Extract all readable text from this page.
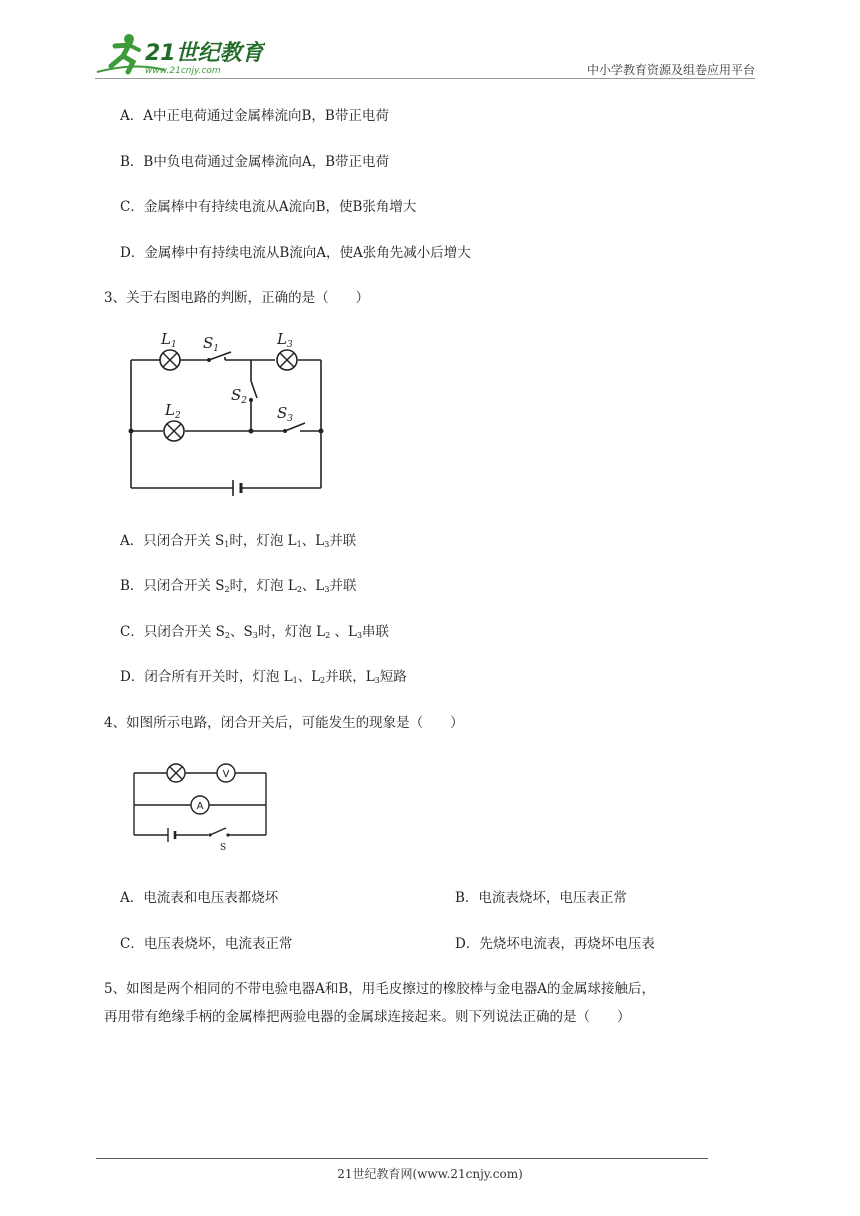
21世纪教育
www.21cnjy.com	中小学教育资源及组卷应用平台
A．A中正电荷通过金属棒流向B，B带正电荷
B．B中负电荷通过金属棒流向A，B带正电荷
C．金属棒中有持续电流从A流向B，使B张角增大
D．金属棒中有持续电流从B流向A，使A张角先减小后增大
3、关于右图电路的判断，正确的是（　　）
$L_1$ $S_1$
$L_3$
$S_2$
$L_2$	$S_3$
A．只闭合开关 $S_1$时，灯泡 $L_1$、$L_3$并联
B．只闭合开关 $S_2$时，灯泡 $L_2$、$L_3$并联
C．只闭合开关 $S_2$、$S_3$时，灯泡 $L_2$ 、$L_3$串联
D．闭合所有开关时，灯泡 $L_1$、$L_2$并联，$L_3$短路
4、如图所示电路，闭合开关后，可能发生的现象是（　　）
V
A
S
A．电流表和电压表都烧坏	B．电流表烧坏，电压表正常
C．电压表烧坏，电流表正常	D．先烧坏电流表，再烧坏电压表
5、如图是两个相同的不带电验电器A和B，用毛皮擦过的橡胶棒与金电器A的金属球接触后，
再用带有绝缘手柄的金属棒把两验电器的金属球连接起来。则下列说法正确的是（　　）
21世纪教育网(www.21cnjy.com)
